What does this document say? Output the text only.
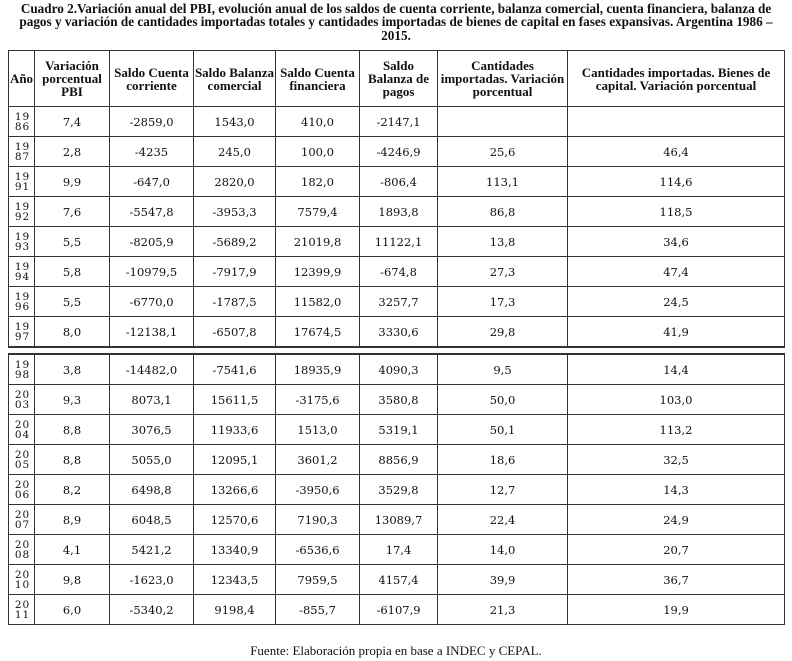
Cuadro 2.Variación anual del PBI, evolución anual de los saldos de cuenta corriente, balanza comercial, cuenta financiera, balanza de pagos y variación de cantidades importadas totales y cantidades importadas de bienes de capital en fases expansivas. Argentina 1986 – 2015.
Año	Variación porcentual PBI	Saldo Cuenta corriente	Saldo Balanza comercial	Saldo Cuenta financiera	Saldo Balanza de pagos	Cantidades importadas. Variación porcentual	Cantidades importadas. Bienes de capital. Variación porcentual
1986	7,4	-2859,0	1543,0	410,0	-2147,1		
1987	2,8	-4235	245,0	100,0	-4246,9	25,6	46,4
1991	9,9	-647,0	2820,0	182,0	-806,4	113,1	114,6
1992	7,6	-5547,8	-3953,3	7579,4	1893,8	86,8	118,5
1993	5,5	-8205,9	-5689,2	21019,8	11122,1	13,8	34,6
1994	5,8	-10979,5	-7917,9	12399,9	-674,8	27,3	47,4
1996	5,5	-6770,0	-1787,5	11582,0	3257,7	17,3	24,5
1997	8,0	-12138,1	-6507,8	17674,5	3330,6	29,8	41,9

1998	3,8	-14482,0	-7541,6	18935,9	4090,3	9,5	14,4
2003	9,3	8073,1	15611,5	-3175,6	3580,8	50,0	103,0
2004	8,8	3076,5	11933,6	1513,0	5319,1	50,1	113,2
2005	8,8	5055,0	12095,1	3601,2	8856,9	18,6	32,5
2006	8,2	6498,8	13266,6	-3950,6	3529,8	12,7	14,3
2007	8,9	6048,5	12570,6	7190,3	13089,7	22,4	24,9
2008	4,1	5421,2	13340,9	-6536,6	17,4	14,0	20,7
2010	9,8	-1623,0	12343,5	7959,5	4157,4	39,9	36,7
2011	6,0	-5340,2	9198,4	-855,7	-6107,9	21,3	19,9
Fuente: Elaboración propia en base a INDEC y CEPAL.
